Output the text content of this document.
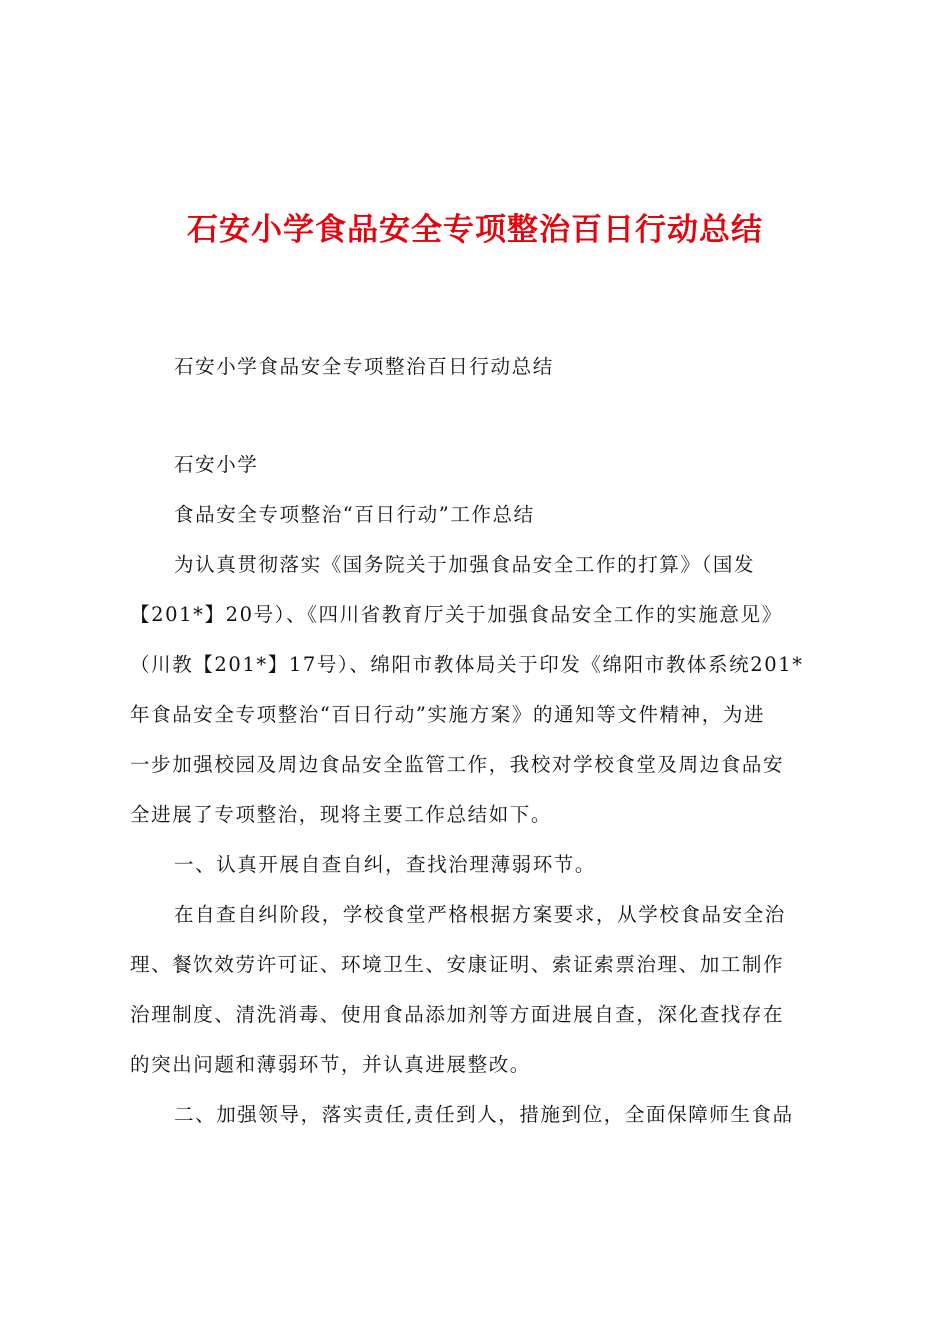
石安小学食品安全专项整治百日行动总结

石安小学食品安全专项整治百日行动总结

石安小学

食品安全专项整治“百日行动”工作总结

为认真贯彻落实《国务院关于加强食品安全工作的打算》（国发

【201*】20号）、《四川省教育厅关于加强食品安全工作的实施意见》

（川教【201*】17号）、绵阳市教体局关于印发《绵阳市教体系统201*

年食品安全专项整治“百日行动”实施方案》的通知等文件精神，为进

一步加强校园及周边食品安全监管工作，我校对学校食堂及周边食品安

全进展了专项整治，现将主要工作总结如下。

一、认真开展自查自纠，查找治理薄弱环节。

在自查自纠阶段，学校食堂严格根据方案要求，从学校食品安全治

理、餐饮效劳许可证、环境卫生、安康证明、索证索票治理、加工制作

治理制度、清洗消毒、使用食品添加剂等方面进展自查，深化查找存在

的突出问题和薄弱环节，并认真进展整改。

二、加强领导，落实责任,责任到人，措施到位，全面保障师生食品
